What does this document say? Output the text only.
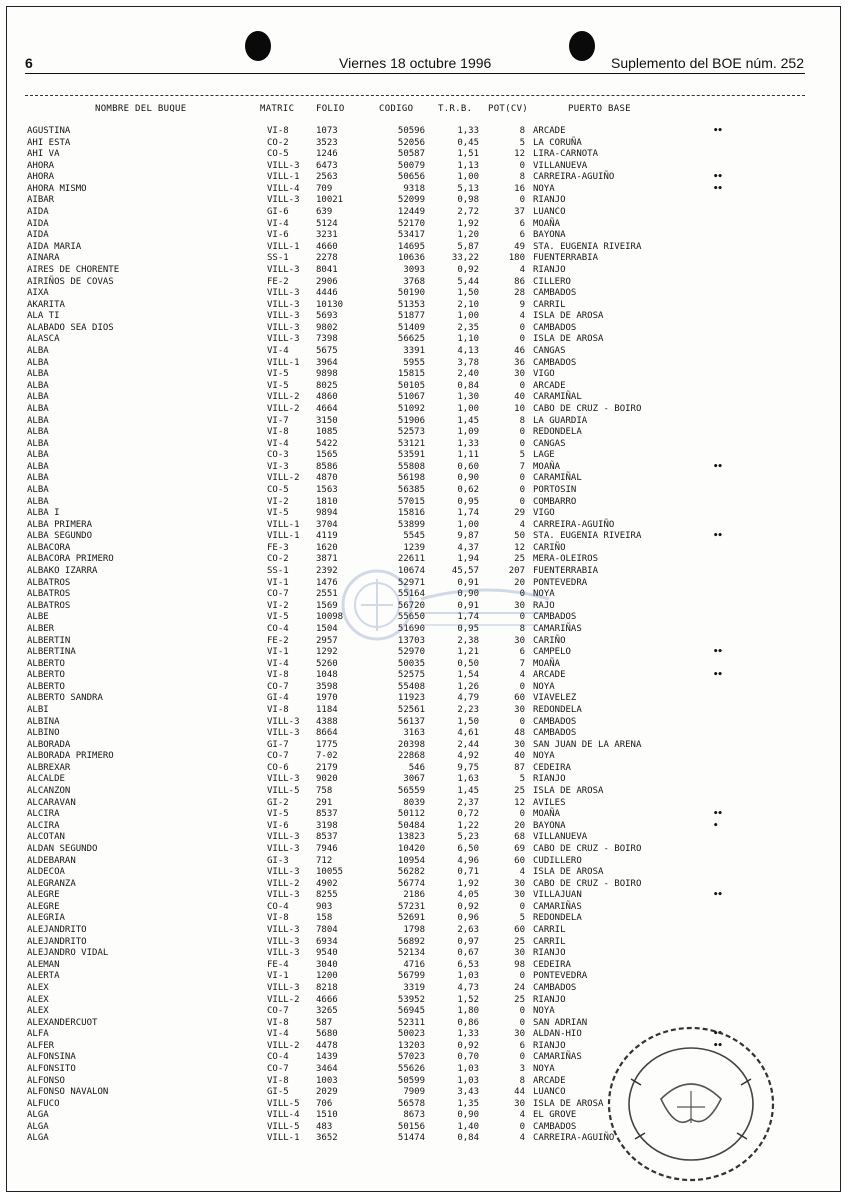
6	Viernes 18 octubre 1996	Suplemento del BOE núm. 252
NOMBRE DEL BUQUE	MATRIC FOLIO	CODIGO	T.R.B. POT(CV)	PUERTO BASE
AGUSTINA	VI-8	1073	50596	1,33	8 ARCADE	••
AHI ESTA	CO-2	3523	52056	0,45	5 LA CORUÑA
AHI VA	CO-5	1246	50587	1,51	12 LIRA-CARNOTA
AHORA	VILL-3 6473	50079	1,13	0 VILLANUEVA
AHORA	VILL-1 2563	50656	1,00	8 CARREIRA-AGUIÑO	••
AHORA MISMO	VILL-4 709	9318	5,13	16 NOYA	••
AIBAR	VILL-3 10021	52099	0,98	0 RIANJO
AIDA	GI-6	639	12449	2,72	37 LUANCO
AIDA	VI-4	5124	52170	1,92	6 MOAÑA
AIDA	VI-6	3231	53417	1,20	6 BAYONA
AIDA MARIA	VILL-1 4660	14695	5,87	49 STA. EUGENIA RIVEIRA
AINARA	SS-1	2278	10636	33,22	180 FUENTERRABIA
AIRES DE CHORENTE	VILL-3 8041	3093	0,92	4 RIANJO
AIRIÑOS DE COVAS	FE-2	2906	3768	5,44	86 CILLERO
AIXA	VILL-3 4446	50190	1,50	28 CAMBADOS
AKARITA	VILL-3 10130	51353	2,10	9 CARRIL
ALA TI	VILL-3 5693	51877	1,00	4 ISLA DE AROSA
ALABADO SEA DIOS	VILL-3 9802	51409	2,35	0 CAMBADOS
ALASCA	VILL-3 7398	56625	1,10	0 ISLA DE AROSA
ALBA	VI-4	5675	3391	4,13	46 CANGAS
ALBA	VILL-1 3964	5955	3,78	36 CAMBADOS
ALBA	VI-5	9898	15815	2,40	30 VIGO
ALBA	VI-5	8025	50105	0,84	0 ARCADE
ALBA	VILL-2 4860	51067	1,30	40 CARAMIÑAL
ALBA	VILL-2 4664	51092	1,00	10 CABO DE CRUZ - BOIRO
ALBA	VI-7	3150	51906	1,45	8 LA GUARDIA
ALBA	VI-8	1085	52573	1,09	0 REDONDELA
ALBA	VI-4	5422	53121	1,33	0 CANGAS
ALBA	CO-3	1565	53591	1,11	5 LAGE
ALBA	VI-3	8586	55808	0,60	7 MOAÑA	••
ALBA	VILL-2 4870	56198	0,90	0 CARAMIÑAL
ALBA	CO-5	1563	56385	0,62	0 PORTOSIN
ALBA	VI-2	1810	57015	0,95	0 COMBARRO
ALBA I	VI-5	9894	15816	1,74	29 VIGO
ALBA PRIMERA	VILL-1 3704	53899	1,00	4 CARREIRA-AGUIÑO
ALBA SEGUNDO	VILL-1 4119	5545	9,87	50 STA. EUGENIA RIVEIRA	••
ALBACORA	FE-3	1620	1239	4,37	12 CARIÑO
ALBACORA PRIMERO	CO-2	3871	22611	1,94	25 MERA-OLEIROS
ALBAKO IZARRA	SS-1	2392	10674	45,57	207 FUENTERRABIA
ALBATROS	VI-1	1476	52971	0,91	20 PONTEVEDRA
ALBATROS	CO-7	2551	55164	0,90	0 NOYA
ALBATROS	VI-2	1569	56720	0,91	30 RAJO
ALBE	VI-5	10098	55650	1,74	0 CAMBADOS
ALBER	CO-4	1504	51690	0,95	8 CAMARIÑAS
ALBERTIN	FE-2	2957	13703	2,38	30 CARIÑO
ALBERTINA	VI-1	1292	52970	1,21	6 CAMPELO	••
ALBERTO	VI-4	5260	50035	0,50	7 MOAÑA
ALBERTO	VI-8	1048	52575	1,54	4 ARCADE	••
ALBERTO	CO-7	3598	55408	1,26	0 NOYA
ALBERTO SANDRA	GI-4	1970	11923	4,79	60 VIAVELEZ
ALBI	VI-8	1184	52561	2,23	30 REDONDELA
ALBINA	VILL-3 4388	56137	1,50	0 CAMBADOS
ALBINO	VILL-3 8664	3163	4,61	48 CAMBADOS
ALBORADA	GI-7	1775	20398	2,44	30 SAN JUAN DE LA ARENA
ALBORADA PRIMERO	CO-7	7-02	22868	4,92	40 NOYA
ALBREXAR	CO-6	2179	546	9,75	87 CEDEIRA
ALCALDE	VILL-3 9020	3067	1,63	5 RIANJO
ALCANZON	VILL-5 758	56559	1,45	25 ISLA DE AROSA
ALCARAVAN	GI-2	291	8039	2,37	12 AVILES
ALCIRA	VI-5	8537	50112	0,72	0 MOAÑA	••
ALCIRA	VI-6	3198	50484	1,22	20 BAYONA	•
ALCOTAN	VILL-3 8537	13823	5,23	68 VILLANUEVA
ALDAN SEGUNDO	VILL-3 7946	10420	6,50	69 CABO DE CRUZ - BOIRO
ALDEBARAN	GI-3	712	10954	4,96	60 CUDILLERO
ALDECOA	VILL-3 10055	56282	0,71	4 ISLA DE AROSA
ALEGRANZA	VILL-2 4902	56774	1,92	30 CABO DE CRUZ - BOIRO
ALEGRE	VILL-3 8255	2186	4,05	30 VILLAJUAN	••
ALEGRE	CO-4	903	57231	0,92	0 CAMARIÑAS
ALEGRIA	VI-8	158	52691	0,96	5 REDONDELA
ALEJANDRITO	VILL-3 7804	1798	2,63	60 CARRIL
ALEJANDRITO	VILL-3 6934	56892	0,97	25 CARRIL
ALEJANDRO VIDAL	VILL-3 9540	52134	0,67	30 RIANJO
ALEMAN	FE-4	3040	4716	6,53	98 CEDEIRA
ALERTA	VI-1	1200	56799	1,03	0 PONTEVEDRA
ALEX	VILL-3 8218	3319	4,73	24 CAMBADOS
ALEX	VILL-2 4666	53952	1,52	25 RIANJO
ALEX	CO-7	3265	56945	1,80	0 NOYA
ALEXANDERCUOT	VI-8	587	52311	0,86	0 SAN ADRIAN
ALFA	VI-4	5680	50023	1,33	30 ALDAN-HIO	••
ALFER	VILL-2 4478	13203	0,92	6 RIANJO	••
ALFONSINA	CO-4	1439	57023	0,70	0 CAMARIÑAS
ALFONSITO	CO-7	3464	55626	1,03	3 NOYA
ALFONSO	VI-8	1003	50599	1,03	8 ARCADE
ALFONSO NAVALON	GI-5	2029	7909	3,43	44 LUANCO
ALFUCO	VILL-5 706	56578	1,35	30 ISLA DE AROSA
ALGA	VILL-4 1510	8673	0,90	4 EL GROVE
ALGA	VILL-5 483	50156	1,40	0 CAMBADOS
ALGA	VILL-1 3652	51474	0,84	4 CARREIRA-AGUIÑO
